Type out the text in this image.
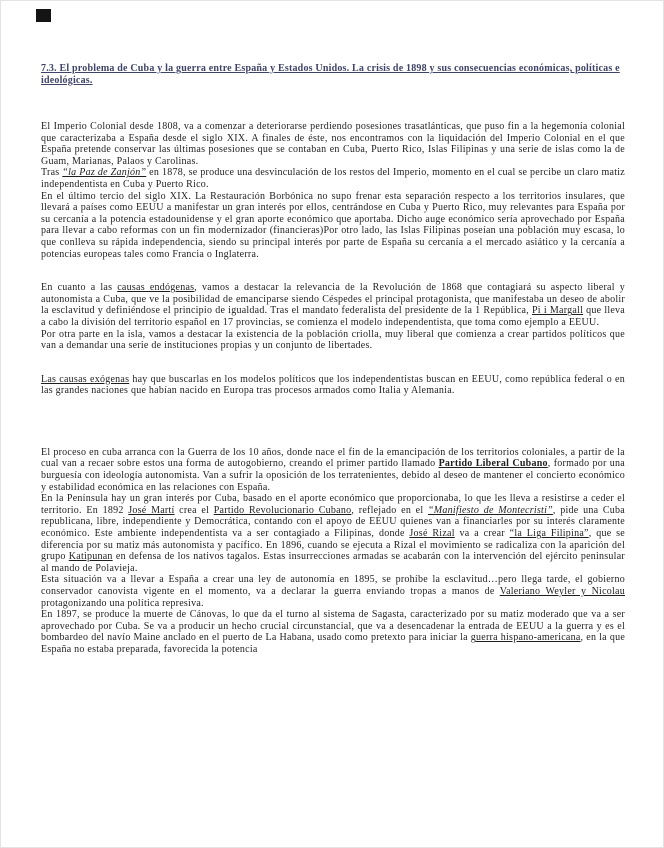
7.3. El problema de Cuba y la guerra entre España y Estados Unidos. La crisis de 1898 y sus consecuencias económicas, políticas e ideológicas.

El Imperio Colonial desde 1808, va a comenzar a deteriorarse perdiendo posesiones trasatlánticas, que puso fin a la hegemonía colonial que caracterizaba a España desde el siglo XIX. A finales de éste, nos encontramos con la liquidación del Imperio Colonial en el que España pretende conservar las últimas posesiones que se contaban en Cuba, Puerto Rico, Islas Filipinas y una serie de islas como la de Guam, Marianas, Palaos y Carolinas.

Tras “la Paz de Zanjón” en 1878, se produce una desvinculación de los restos del Imperio, momento en el cual se percibe un claro matiz independentista en Cuba y Puerto Rico.

En el último tercio del siglo XIX. La Restauración Borbónica no supo frenar esta separación respecto a los territorios insulares, que llevará a países como EEUU a manifestar un gran interés por ellos, centrándose en Cuba y Puerto Rico, muy relevantes para España por su cercanía a la potencia estadounidense y el gran aporte económico que aportaba. Dicho auge económico sería aprovechado por España para llevar a cabo reformas con un fin modernizador (financieras)Por otro lado, las Islas Filipinas poseían una población muy escasa, lo que conlleva su rápida independencia, siendo su principal interés por parte de España su cercanía a el mercado asiático y la cercanía a potencias europeas tales como Francia o Inglaterra.

En cuanto a las causas endógenas, vamos a destacar la relevancia de la Revolución de 1868 que contagiará su aspecto liberal y autonomista a Cuba, que ve la posibilidad de emanciparse siendo Céspedes el principal protagonista, que manifestaba un deseo de abolir la esclavitud y definiéndose el principio de igualdad. Tras el mandato federalista del presidente de la 1 República, Pi i Margall que lleva a cabo la división del territorio español en 17 provincias, se comienza el modelo independentista, que toma como ejemplo a EEUU.

Por otra parte en la isla, vamos a destacar la existencia de la población criolla, muy liberal que comienza a crear partidos políticos que van a demandar una serie de instituciones propias y un conjunto de libertades.

Las causas exógenas hay que buscarlas en los modelos políticos que los independentistas buscan en EEUU, como república federal o en las grandes naciones que habían nacido en Europa tras procesos armados como Italia y Alemania.

El proceso en cuba arranca con la Guerra de los 10 años, donde nace el fin de la emancipación de los territorios coloniales, a partir de la cual van a recaer sobre estos una forma de autogobierno, creando el primer partido llamado Partido Liberal Cubano, formado por una burguesía con ideología autonomista. Van a sufrir la oposición de los terratenientes, debido al deseo de mantener el concierto económico y estabilidad económica en las relaciones con España.

En la Península hay un gran interés por Cuba, basado en el aporte económico que proporcionaba, lo que les lleva a resistirse a ceder el territorio. En 1892 José Martí crea el Partido Revolucionario Cubano, reflejado en el “Manifiesto de Montecristi”, pide una Cuba republicana, libre, independiente y Democrática, contando con el apoyo de EEUU quienes van a financiarles por su interés claramente económico. Este ambiente independentista va a ser contagiado a Filipinas, donde José Rizal va a crear “la Liga Filipina”, que se diferencia por su matiz más autonomista y pacífico. En 1896, cuando se ejecuta a Rizal el movimiento se radicaliza con la aparición del grupo Katipunan en defensa de los nativos tagalos. Estas insurrecciones armadas se acabarán con la intervención del ejército peninsular al mando de Polavieja.

Esta situación va a llevar a España a crear una ley de autonomía en 1895, se prohíbe la esclavitud…pero llega tarde, el gobierno conservador canovista vigente en el momento, va a declarar la guerra enviando tropas a manos de Valeriano Weyler y Nicolau protagonizando una política represiva.

En 1897, se produce la muerte de Cánovas, lo que da el turno al sistema de Sagasta, caracterizado por su matiz moderado que va a ser aprovechado por Cuba. Se va a producir un hecho crucial circunstancial, que va a desencadenar la entrada de EEUU a la guerra y es el bombardeo del navío Maine anclado en el puerto de La Habana, usado como pretexto para iniciar la guerra hispano-americana, en la que España no estaba preparada, favorecida la potencia
